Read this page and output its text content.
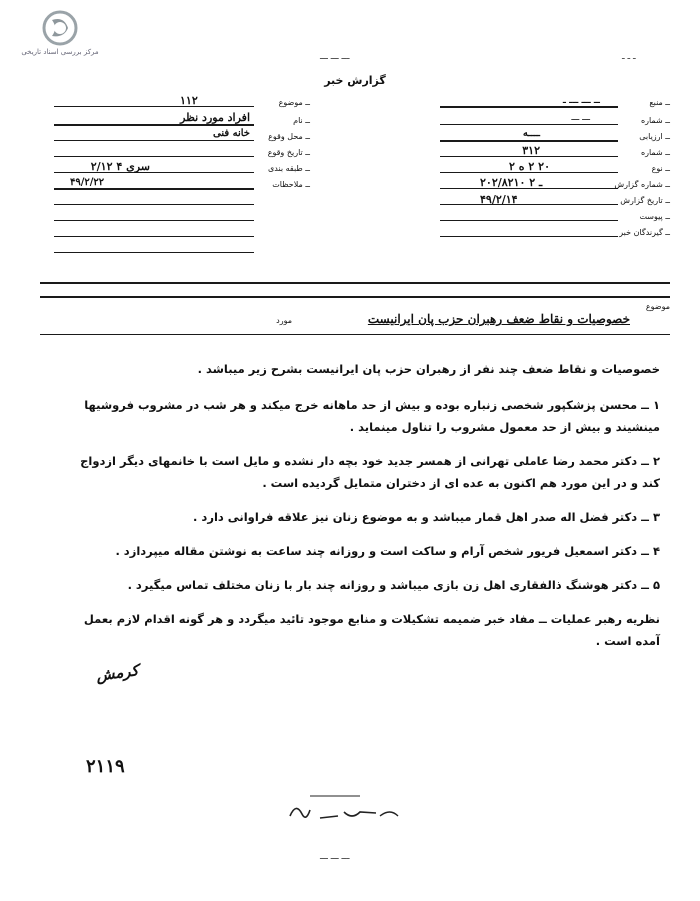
مرکز بررسی اسناد تاریخی	ـــ ـــ ـــ	ـ ـ ـ
گزارش خبر
ــ منبع
ــ ـــ ـــ ـ
ــ شماره
ـــ ـــ
ــ ارزیابی
ــــه
ــ شماره
۳۱۲
ــ نوع
۲۰ ۲ ه ۲
ــ شماره گزارش
۲۰۲/۸۲۱۰ ـ ۲
ــ تاریخ گزارش
۴۹/۲/۱۴
ــ پیوست
ــ گیرندگان خبر
ــ موضوع
۱۱۲
ــ نام
افراد مورد نظر
ــ محل وقوع
خانه فنی
ــ تاریخ وقوع
ــ طبقه بندی
سری ۴ ۲/۱۲
ــ ملاحظات
۴۹/۲/۲۲
موضوع
خصوصیات و نقاط ضعف رهبران حزب پان ایرانیست
مورد
خصوصیات و نقاط ضعف چند نفر از رهبران حزب پان ایرانیست بشرح زیر میباشد .
۱ ــ محسن پزشکپور شخصی زنباره بوده و بیش از حد ماهانه خرج میکند و هر شب در مشروب فروشیها مینشیند و بیش از حد معمول مشروب را تناول مینماید .
۲ ــ دکتر محمد رضا عاملی تهرانی از همسر جدید خود بچه دار نشده و مایل است با خانمهای دیگر ازدواج کند و در این مورد هم اکنون به عده ای از دختران متمایل گردیده است .
۳ ــ دکتر فضل اله صدر اهل قمار میباشد و به موضوع زنان نیز علاقه فراوانی دارد .
۴ ــ دکتر اسمعیل فریور شخص آرام و ساکت است و روزانه چند ساعت به نوشتن مقاله میپردازد .
۵ ــ دکتر هوشنگ ذالفقاری اهل زن بازی میباشد و روزانه چند بار با زنان مختلف تماس میگیرد .
نظریه رهبر عملیات ــ مفاد خبر ضمیمه تشکیلات و منابع موجود تائید میگردد و هر گونه اقدام لازم بعمل آمده است .
کرمش
۲۱۱۹
ـــ ـــ ـــ
